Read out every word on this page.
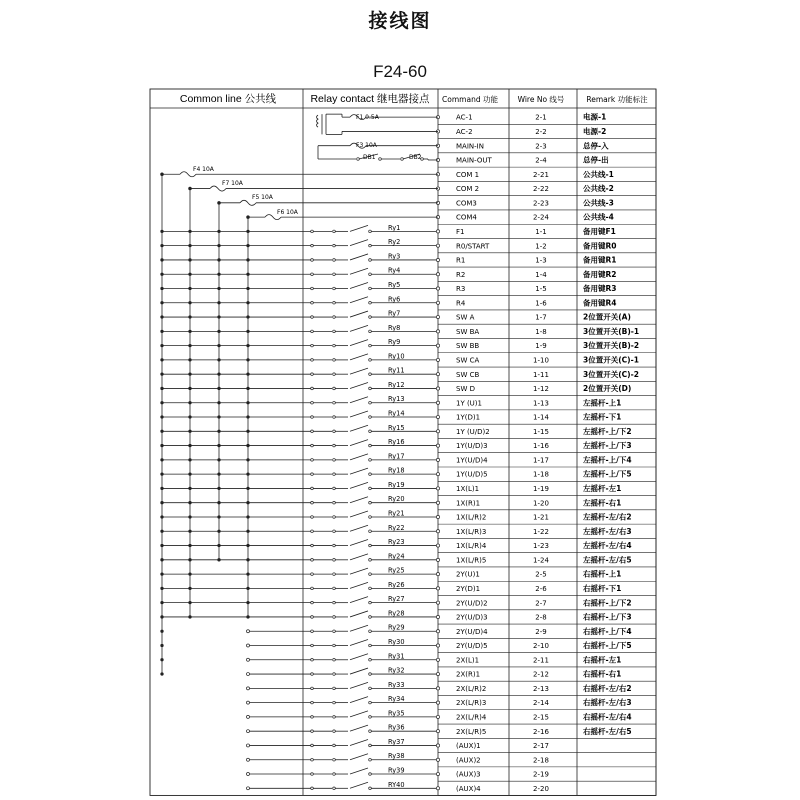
接线图
F24-60
Common line 公共线	Relay contact 继电器接点 Command 功能	Wire No 线号	Remark 功能标注
F1 0.5A
F3 10A
DB1	DB2
F4 10A
F7 10A
F5 10A
F6 10A
AC-1	2-1	电源-1
AC-2	2-2	电源-2
MAIN-IN	2-3	总停-入
MAIN-OUT	2-4	总停-出
COM 1	2-21	公共线-1
COM 2	2-22	公共线-2
COM3	2-23	公共线-3
COM4	2-24	公共线-4
F1	1-1	备用键F1
Ry1
R0/START	1-2	备用键R0
Ry2
R1	1-3	备用键R1
Ry3
R2	1-4	备用键R2
Ry4
R3	1-5	备用键R3
Ry5
R4	1-6	备用键R4
Ry6
SW A	1-7	2位置开关(A)
Ry7
SW BA	1-8	3位置开关(B)-1
Ry8
SW BB	1-9	3位置开关(B)-2
Ry9
SW CA	1-10	3位置开关(C)-1
Ry10
SW CB	1-11	3位置开关(C)-2
Ry11
SW D	1-12	2位置开关(D)
Ry12
1Y (U)1	1-13	左摇杆-上1
Ry13
1Y(D)1	1-14	左摇杆-下1
Ry14
1Y (U/D)2	1-15	左摇杆-上/下2
Ry15
1Y(U/D)3	1-16	左摇杆-上/下3
Ry16
1Y(U/D)4	1-17	左摇杆-上/下4
Ry17
1Y(U/D)5	1-18	左摇杆-上/下5
Ry18
1X(L)1	1-19	左摇杆-左1
Ry19
1X(R)1	1-20	左摇杆-右1
Ry20
1X(L/R)2	1-21	左摇杆-左/右2
Ry21
1X(L/R)3	1-22	左摇杆-左/右3
Ry22
1X(L/R)4	1-23	左摇杆-左/右4
Ry23
1X(L/R)5	1-24	左摇杆-左/右5
Ry24
2Y(U)1	2-5	右摇杆-上1
Ry25
2Y(D)1	2-6	右摇杆-下1
Ry26
2Y(U/D)2	2-7	右摇杆-上/下2
Ry27
2Y(U/D)3	2-8	右摇杆-上/下3
Ry28
2Y(U/D)4	2-9	右摇杆-上/下4
Ry29
2Y(U/D)5	2-10	右摇杆-上/下5
Ry30
2X(L)1	2-11	右摇杆-左1
Ry31
2X(R)1	2-12	右摇杆-右1
Ry32
2X(L/R)2	2-13	右摇杆-左/右2
Ry33
2X(L/R)3	2-14	右摇杆-左/右3
Ry34
2X(L/R)4	2-15	右摇杆-左/右4
Ry35
2X(L/R)5	2-16	右摇杆-左/右5
Ry36
(AUX)1	2-17
Ry37
(AUX)2	2-18
Ry38
(AUX)3	2-19
Ry39
(AUX)4	2-20
RY40
